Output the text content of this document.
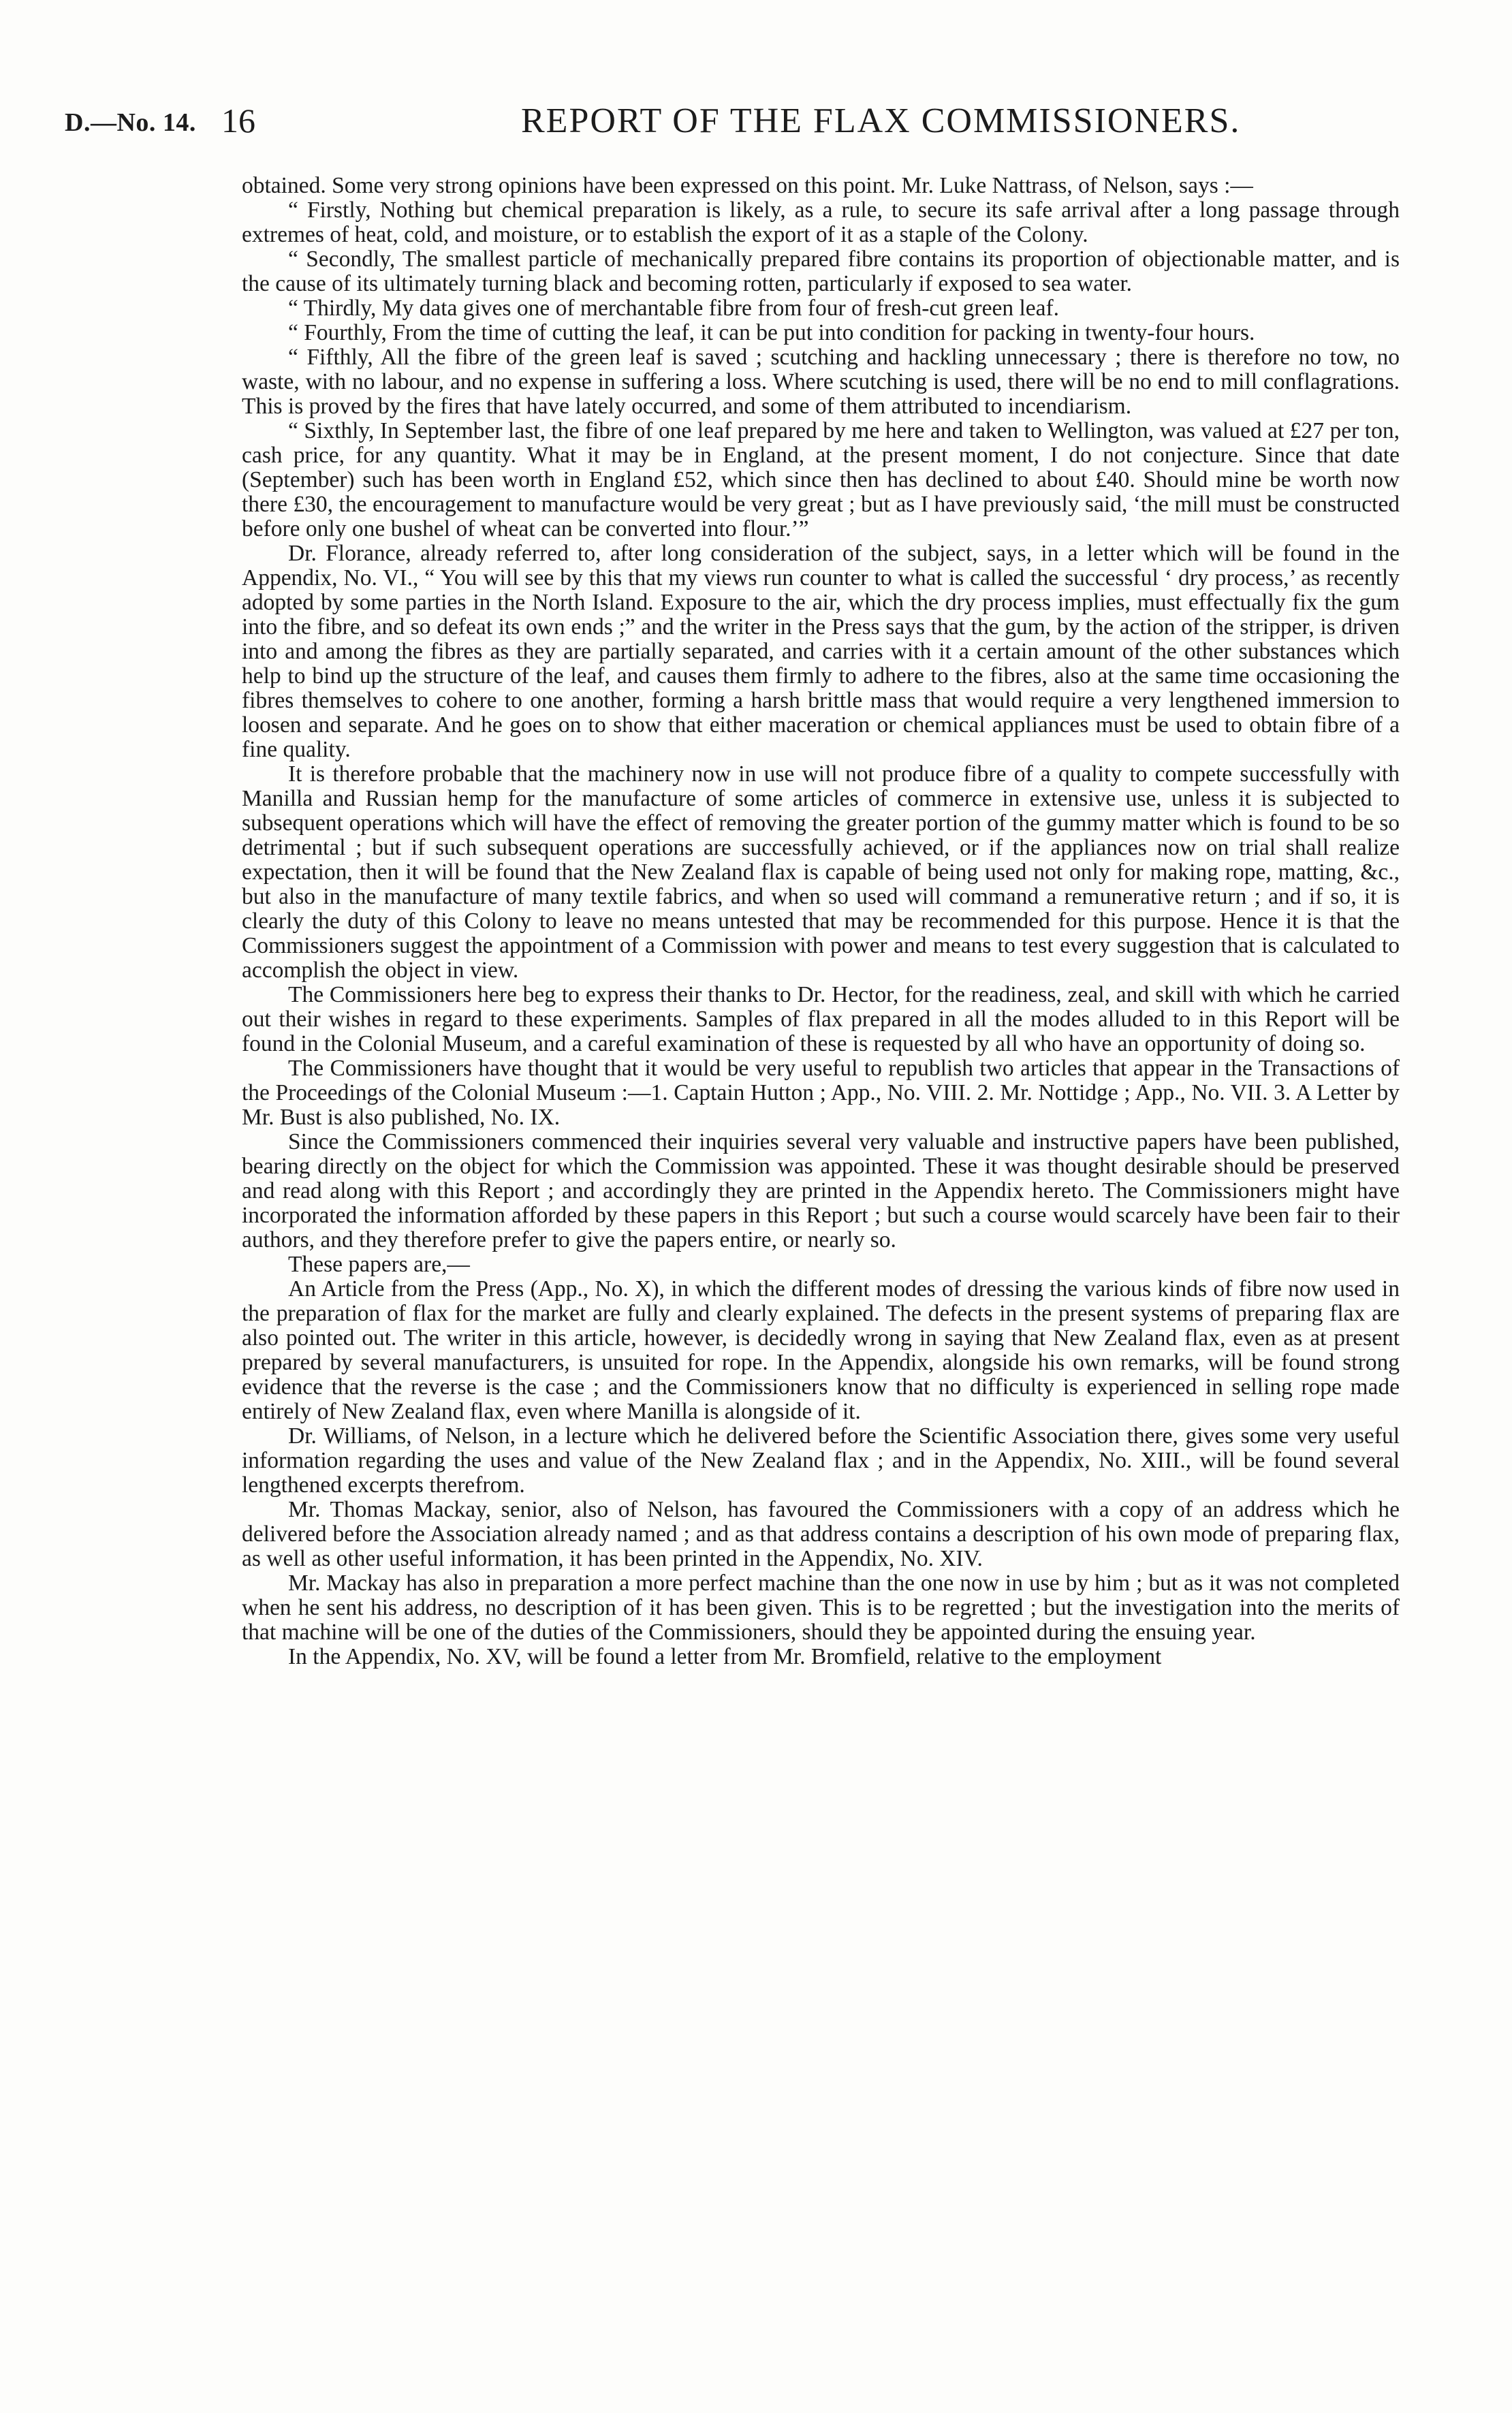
D.—No. 14. 16	REPORT OF THE FLAX COMMISSIONERS.

obtained. Some very strong opinions have been expressed on this point. Mr. Luke Nattrass, of Nelson, says :—

“ Firstly, Nothing but chemical preparation is likely, as a rule, to secure its safe arrival after a long passage through extremes of heat, cold, and moisture, or to establish the export of it as a staple of the Colony.

“ Secondly, The smallest particle of mechanically prepared fibre contains its proportion of objectionable matter, and is the cause of its ultimately turning black and becoming rotten, particularly if exposed to sea water.

“ Thirdly, My data gives one of merchantable fibre from four of fresh-cut green leaf.

“ Fourthly, From the time of cutting the leaf, it can be put into condition for packing in twenty-four hours.

“ Fifthly, All the fibre of the green leaf is saved ; scutching and hackling unnecessary ; there is therefore no tow, no waste, with no labour, and no expense in suffering a loss. Where scutching is used, there will be no end to mill conflagrations. This is proved by the fires that have lately occurred, and some of them attributed to incendiarism.

“ Sixthly, In September last, the fibre of one leaf prepared by me here and taken to Wellington, was valued at £27 per ton, cash price, for any quantity. What it may be in England, at the present moment, I do not conjecture. Since that date (September) such has been worth in England £52, which since then has declined to about £40. Should mine be worth now there £30, the encouragement to manufacture would be very great ; but as I have previously said, ‘the mill must be constructed before only one bushel of wheat can be converted into flour.’”

Dr. Florance, already referred to, after long consideration of the subject, says, in a letter which will be found in the Appendix, No. VI., “ You will see by this that my views run counter to what is called the successful ‘ dry process,’ as recently adopted by some parties in the North Island. Exposure to the air, which the dry process implies, must effectually fix the gum into the fibre, and so defeat its own ends ;” and the writer in the Press says that the gum, by the action of the stripper, is driven into and among the fibres as they are partially separated, and carries with it a certain amount of the other substances which help to bind up the structure of the leaf, and causes them firmly to adhere to the fibres, also at the same time occasioning the fibres themselves to cohere to one another, forming a harsh brittle mass that would require a very lengthened immersion to loosen and separate. And he goes on to show that either maceration or chemical appliances must be used to obtain fibre of a fine quality.

It is therefore probable that the machinery now in use will not produce fibre of a quality to compete successfully with Manilla and Russian hemp for the manufacture of some articles of commerce in extensive use, unless it is subjected to subsequent operations which will have the effect of removing the greater portion of the gummy matter which is found to be so detrimental ; but if such subsequent operations are successfully achieved, or if the appliances now on trial shall realize expectation, then it will be found that the New Zealand flax is capable of being used not only for making rope, matting, &c., but also in the manufacture of many textile fabrics, and when so used will command a remunerative return ; and if so, it is clearly the duty of this Colony to leave no means untested that may be recommended for this purpose. Hence it is that the Commissioners suggest the appointment of a Commission with power and means to test every suggestion that is calculated to accomplish the object in view.

The Commissioners here beg to express their thanks to Dr. Hector, for the readiness, zeal, and skill with which he carried out their wishes in regard to these experiments. Samples of flax prepared in all the modes alluded to in this Report will be found in the Colonial Museum, and a careful examination of these is requested by all who have an opportunity of doing so.

The Commissioners have thought that it would be very useful to republish two articles that appear in the Transactions of the Proceedings of the Colonial Museum :—1. Captain Hutton ; App., No. VIII. 2. Mr. Nottidge ; App., No. VII. 3. A Letter by Mr. Bust is also published, No. IX.

Since the Commissioners commenced their inquiries several very valuable and instructive papers have been published, bearing directly on the object for which the Commission was appointed. These it was thought desirable should be preserved and read along with this Report ; and accordingly they are printed in the Appendix hereto. The Commissioners might have incorporated the information afforded by these papers in this Report ; but such a course would scarcely have been fair to their authors, and they therefore prefer to give the papers entire, or nearly so.

These papers are,—

An Article from the Press (App., No. X), in which the different modes of dressing the various kinds of fibre now used in the preparation of flax for the market are fully and clearly explained. The defects in the present systems of preparing flax are also pointed out. The writer in this article, however, is decidedly wrong in saying that New Zealand flax, even as at present prepared by several manufacturers, is unsuited for rope. In the Appendix, alongside his own remarks, will be found strong evidence that the reverse is the case ; and the Commissioners know that no difficulty is experienced in selling rope made entirely of New Zealand flax, even where Manilla is alongside of it.

Dr. Williams, of Nelson, in a lecture which he delivered before the Scientific Association there, gives some very useful information regarding the uses and value of the New Zealand flax ; and in the Appendix, No. XIII., will be found several lengthened excerpts therefrom.

Mr. Thomas Mackay, senior, also of Nelson, has favoured the Commissioners with a copy of an address which he delivered before the Association already named ; and as that address contains a description of his own mode of preparing flax, as well as other useful information, it has been printed in the Appendix, No. XIV.

Mr. Mackay has also in preparation a more perfect machine than the one now in use by him ; but as it was not completed when he sent his address, no description of it has been given. This is to be regretted ; but the investigation into the merits of that machine will be one of the duties of the Commissioners, should they be appointed during the ensuing year.

In the Appendix, No. XV, will be found a letter from Mr. Bromfield, relative to the employment
